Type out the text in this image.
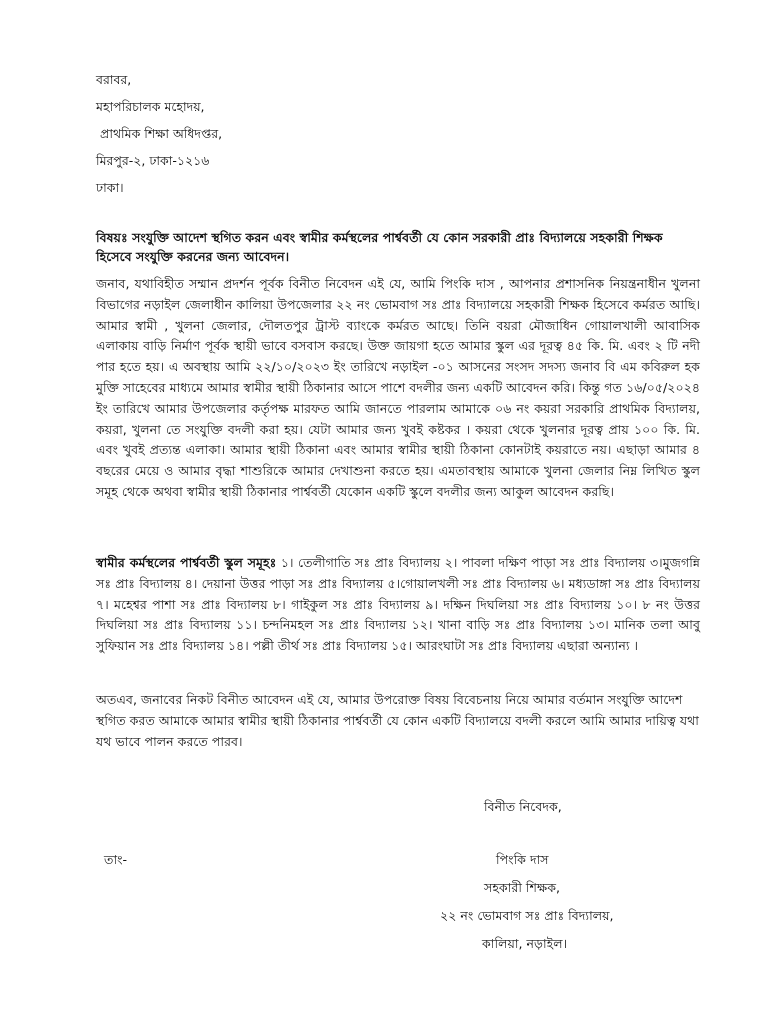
বরাবর,
মহাপরিচালক মহোদয়,
প্রাথমিক শিক্ষা অধিদপ্তর,
মিরপুর-২, ঢাকা-১২১৬
ঢাকা।
বিষয়ঃ সংযুক্তি আদেশ স্থগিত করন এবং স্বামীর কর্মস্থলের পার্শ্ববর্তী যে কোন সরকারী প্রাঃ বিদ্যালয়ে সহকারী শিক্ষক হিসেবে সংযুক্তি করনের জন্য আবেদন।

জনাব, যথাবিহীত সম্মান প্রদর্শন পূর্বক বিনীত নিবেদন এই যে, আমি পিংকি দাস , আপনার প্রশাসনিক নিয়ন্ত্রনাধীন খুলনা বিভাগের নড়াইল জেলাধীন কালিয়া উপজেলার ২২ নং ভোমবাগ সঃ প্রাঃ বিদ্যালয়ে সহকারী শিক্ষক হিসেবে কর্মরত আছি। আমার স্বামী , খুলনা জেলার, দৌলতপুর ট্রাস্ট ব্যাংকে কর্মরত আছে। তিনি বয়রা মৌজাধিন গোয়ালখালী আবাসিক এলাকায় বাড়ি নির্মাণ পূর্বক স্থায়ী ভাবে বসবাস করছে। উক্ত জায়গা হতে আমার স্কুল এর দূরত্ব ৪৫ কি. মি. এবং ২ টি নদী পার হতে হয়। এ অবস্থায় আমি ২২/১০/২০২৩ ইং তারিখে নড়াইল -০১ আসনের সংসদ সদস্য জনাব বি এম কবিরুল হক মুক্তি সাহেবের মাধ্যমে আমার স্বামীর স্থায়ী ঠিকানার আসে পাশে বদলীর জন্য একটি আবেদন করি। কিন্তু গত ১৬/০৫/২০২৪ ইং তারিখে আমার উপজেলার কর্তৃপক্ষ মারফত আমি জানতে পারলাম আমাকে ০৬ নং কয়রা সরকারি প্রাথমিক বিদ্যালয়, কয়রা, খুলনা তে সংযুক্তি বদলী করা হয়। যেটা আমার জন্য খুবই কষ্টকর । কয়রা থেকে খুলনার দূরত্ব প্রায় ১০০ কি. মি. এবং খুবই প্রত্যন্ত এলাকা। আমার স্থায়ী ঠিকানা এবং আমার স্বামীর স্থায়ী ঠিকানা কোনটাই কয়রাতে নয়। এছাড়া আমার ৪ বছরের মেয়ে ও আমার বৃদ্ধা শাশুরিকে আমার দেখাশুনা করতে হয়। এমতাবস্থায় আমাকে খুলনা জেলার নিম্ন লিখিত স্কুল সমূহ থেকে অথবা স্বামীর স্থায়ী ঠিকানার পার্শ্ববর্তী যেকোন একটি স্কুলে বদলীর জন্য আকুল আবেদন করছি।

স্বামীর কর্মস্থলের পার্শ্ববর্তী স্কুল সমূহঃ ১। তেলীগাতি সঃ প্রাঃ বিদ্যালয় ২। পাবলা দক্ষিণ পাড়া সঃ প্রাঃ বিদ্যালয় ৩।মুজগন্নি সঃ প্রাঃ বিদ্যালয় ৪। দেয়ানা উত্তর পাড়া সঃ প্রাঃ বিদ্যালয় ৫।গোয়ালখলী সঃ প্রাঃ বিদ্যালয় ৬। মধ্যডাঙ্গা সঃ প্রাঃ বিদ্যালয় ৭। মহেশ্বর পাশা সঃ প্রাঃ বিদ্যালয় ৮। গাইকুল সঃ প্রাঃ বিদ্যালয় ৯। দক্ষিন দিঘলিয়া সঃ প্রাঃ বিদ্যালয় ১০। ৮ নং উত্তর দিঘলিয়া সঃ প্রাঃ বিদ্যালয় ১১। চন্দনিমহল সঃ প্রাঃ বিদ্যালয় ১২। খানা বাড়ি সঃ প্রাঃ বিদ্যালয় ১৩। মানিক তলা আবু সুফিয়ান সঃ প্রাঃ বিদ্যালয় ১৪। পল্লী তীর্থ সঃ প্রাঃ বিদ্যালয় ১৫। আরংঘাটা সঃ প্রাঃ বিদ্যালয় এছারা অন্যান্য ।

অতএব, জনাবের নিকট বিনীত আবেদন এই যে, আমার উপরোক্ত বিষয় বিবেচনায় নিয়ে আমার বর্তমান সংযুক্তি আদেশ স্থগিত করত আমাকে আমার স্বামীর স্থায়ী ঠিকানার পার্শ্ববর্তী যে কোন একটি বিদ্যালয়ে বদলী করলে আমি আমার দায়িত্ব যথা যথ ভাবে পালন করতে পারব।

বিনীত নিবেদক,
তাং-	পিংকি দাস
সহকারী শিক্ষক,
২২ নং ভোমবাগ সঃ প্রাঃ বিদ্যালয়,
কালিয়া, নড়াইল।
